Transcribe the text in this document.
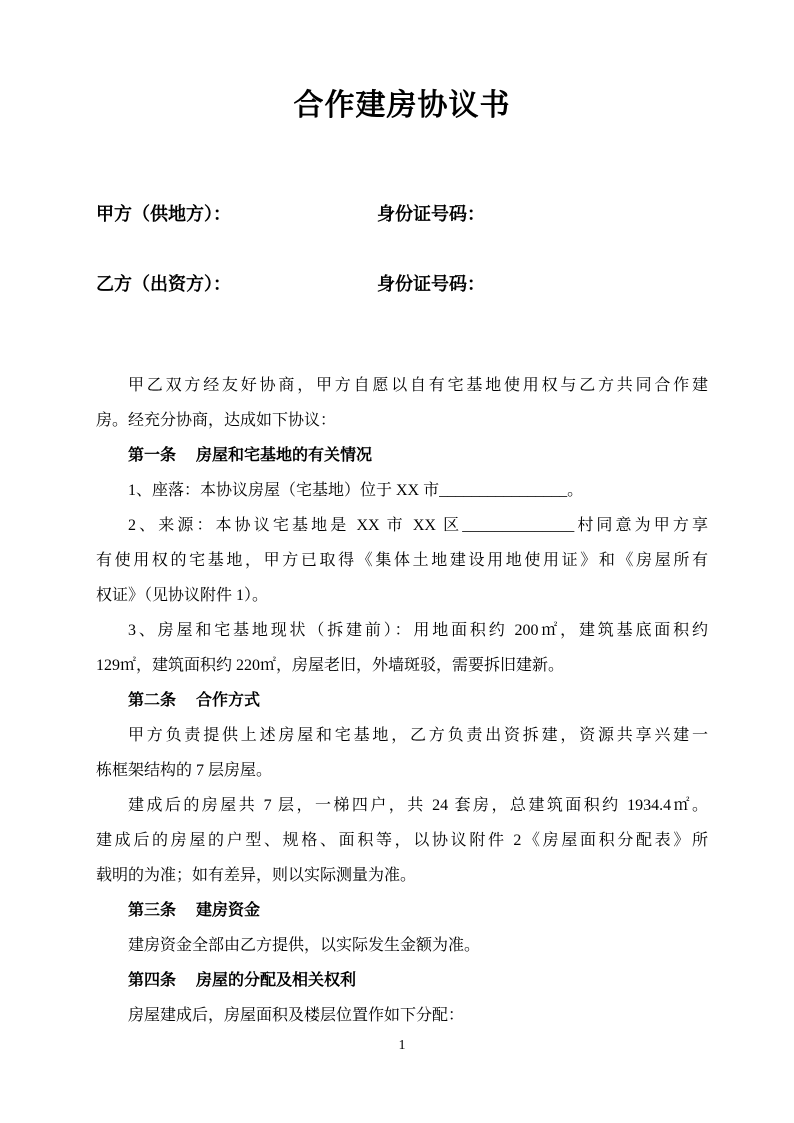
合作建房协议书
甲方（供地方）：	身份证号码：
乙方（出资方）：	身份证号码：
甲乙双方经友好协商，甲方自愿以自有宅基地使用权与乙方共同合作建
房。经充分协商，达成如下协议：
第一条　 房屋和宅基地的有关情况
1、座落：本协议房屋（宅基地）位于 XX 市________________。
2、来源：本协议宅基地是 XX 市 XX 区______________村同意为甲方享
有使用权的宅基地，甲方已取得《集体土地建设用地使用证》和《房屋所有
权证》（见协议附件 1）。
3、房屋和宅基地现状（拆建前）：用地面积约 200㎡，建筑基底面积约
129㎡，建筑面积约 220㎡，房屋老旧，外墙斑驳，需要拆旧建新。
第二条　 合作方式
甲方负责提供上述房屋和宅基地，乙方负责出资拆建，资源共享兴建一
栋框架结构的 7 层房屋。
建成后的房屋共 7 层，一梯四户，共 24 套房，总建筑面积约 1934.4㎡。
建成后的房屋的户型、规格、面积等，以协议附件 2《房屋面积分配表》所
载明的为准；如有差异，则以实际测量为准。
第三条　 建房资金
建房资金全部由乙方提供，以实际发生金额为准。
第四条　 房屋的分配及相关权利
房屋建成后，房屋面积及楼层位置作如下分配：
1
